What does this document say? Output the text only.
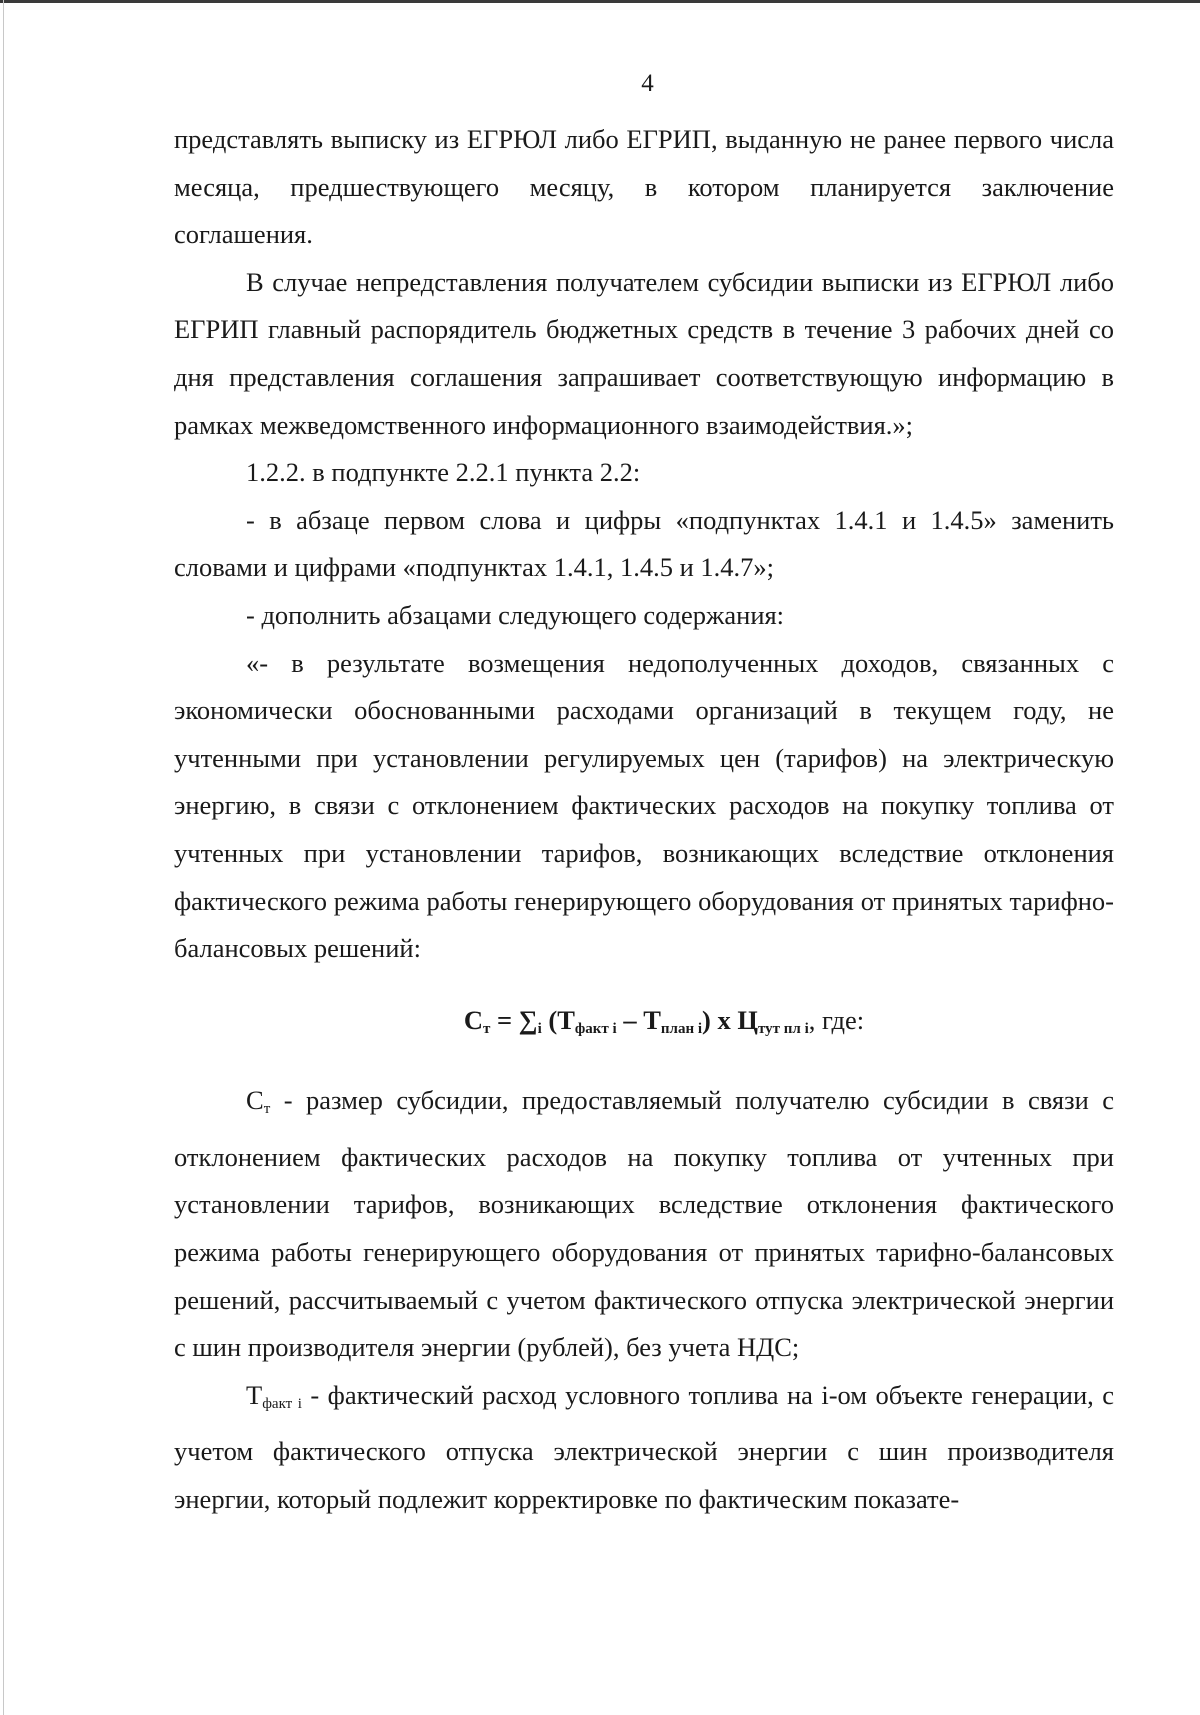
4

представлять выписку из ЕГРЮЛ либо ЕГРИП, выданную не ранее первого числа месяца, предшествующего месяцу, в котором планируется заключение соглашения.

В случае непредставления получателем субсидии выписки из ЕГРЮЛ либо ЕГРИП главный распорядитель бюджетных средств в течение 3 рабочих дней со дня представления соглашения запрашивает соответствующую информацию в рамках межведомственного информационного взаимодействия.»;

1.2.2. в подпункте 2.2.1 пункта 2.2:

- в абзаце первом слова и цифры «подпунктах 1.4.1 и 1.4.5» заменить словами и цифрами «подпунктах 1.4.1, 1.4.5 и 1.4.7»;

- дополнить абзацами следующего содержания:

«- в результате возмещения недополученных доходов, связанных с экономически обоснованными расходами организаций в текущем году, не учтенными при установлении регулируемых цен (тарифов) на электрическую энергию, в связи с отклонением фактических расходов на покупку топлива от учтенных при установлении тарифов, возникающих вследствие отклонения фактического режима работы генерирующего оборудования от принятых тарифно-балансовых решений:

$С_т = \sum_i$ $(Т_{факт i} - Т_{план i})$ х $Ц_{тут пл i}$, где:

Ст - размер субсидии, предоставляемый получателю субсидии в связи с отклонением фактических расходов на покупку топлива от учтенных при установлении тарифов, возникающих вследствие отклонения фактического режима работы генерирующего оборудования от принятых тарифно-балансовых решений, рассчитываемый с учетом фактического отпуска электрической энергии с шин производителя энергии (рублей), без учета НДС;

Тфакт i - фактический расход условного топлива на i-ом объекте генерации, с учетом фактического отпуска электрической энергии с шин производителя энергии, который подлежит корректировке по фактическим показате-
